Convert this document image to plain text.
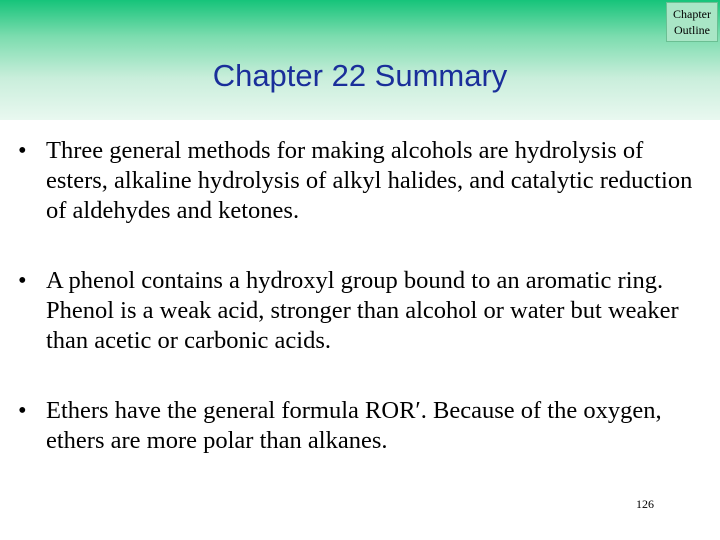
Chapter
Outline
Chapter 22 Summary
• Three general methods for making alcohols are hydrolysis of esters, alkaline hydrolysis of alkyl halides, and catalytic reduction of aldehydes and ketones.
• A phenol contains a hydroxyl group bound to an aromatic ring. Phenol is a weak acid, stronger than alcohol or water but weaker than acetic or carbonic acids.
• Ethers have the general formula ROR′. Because of the oxygen, ethers are more polar than alkanes.
126
